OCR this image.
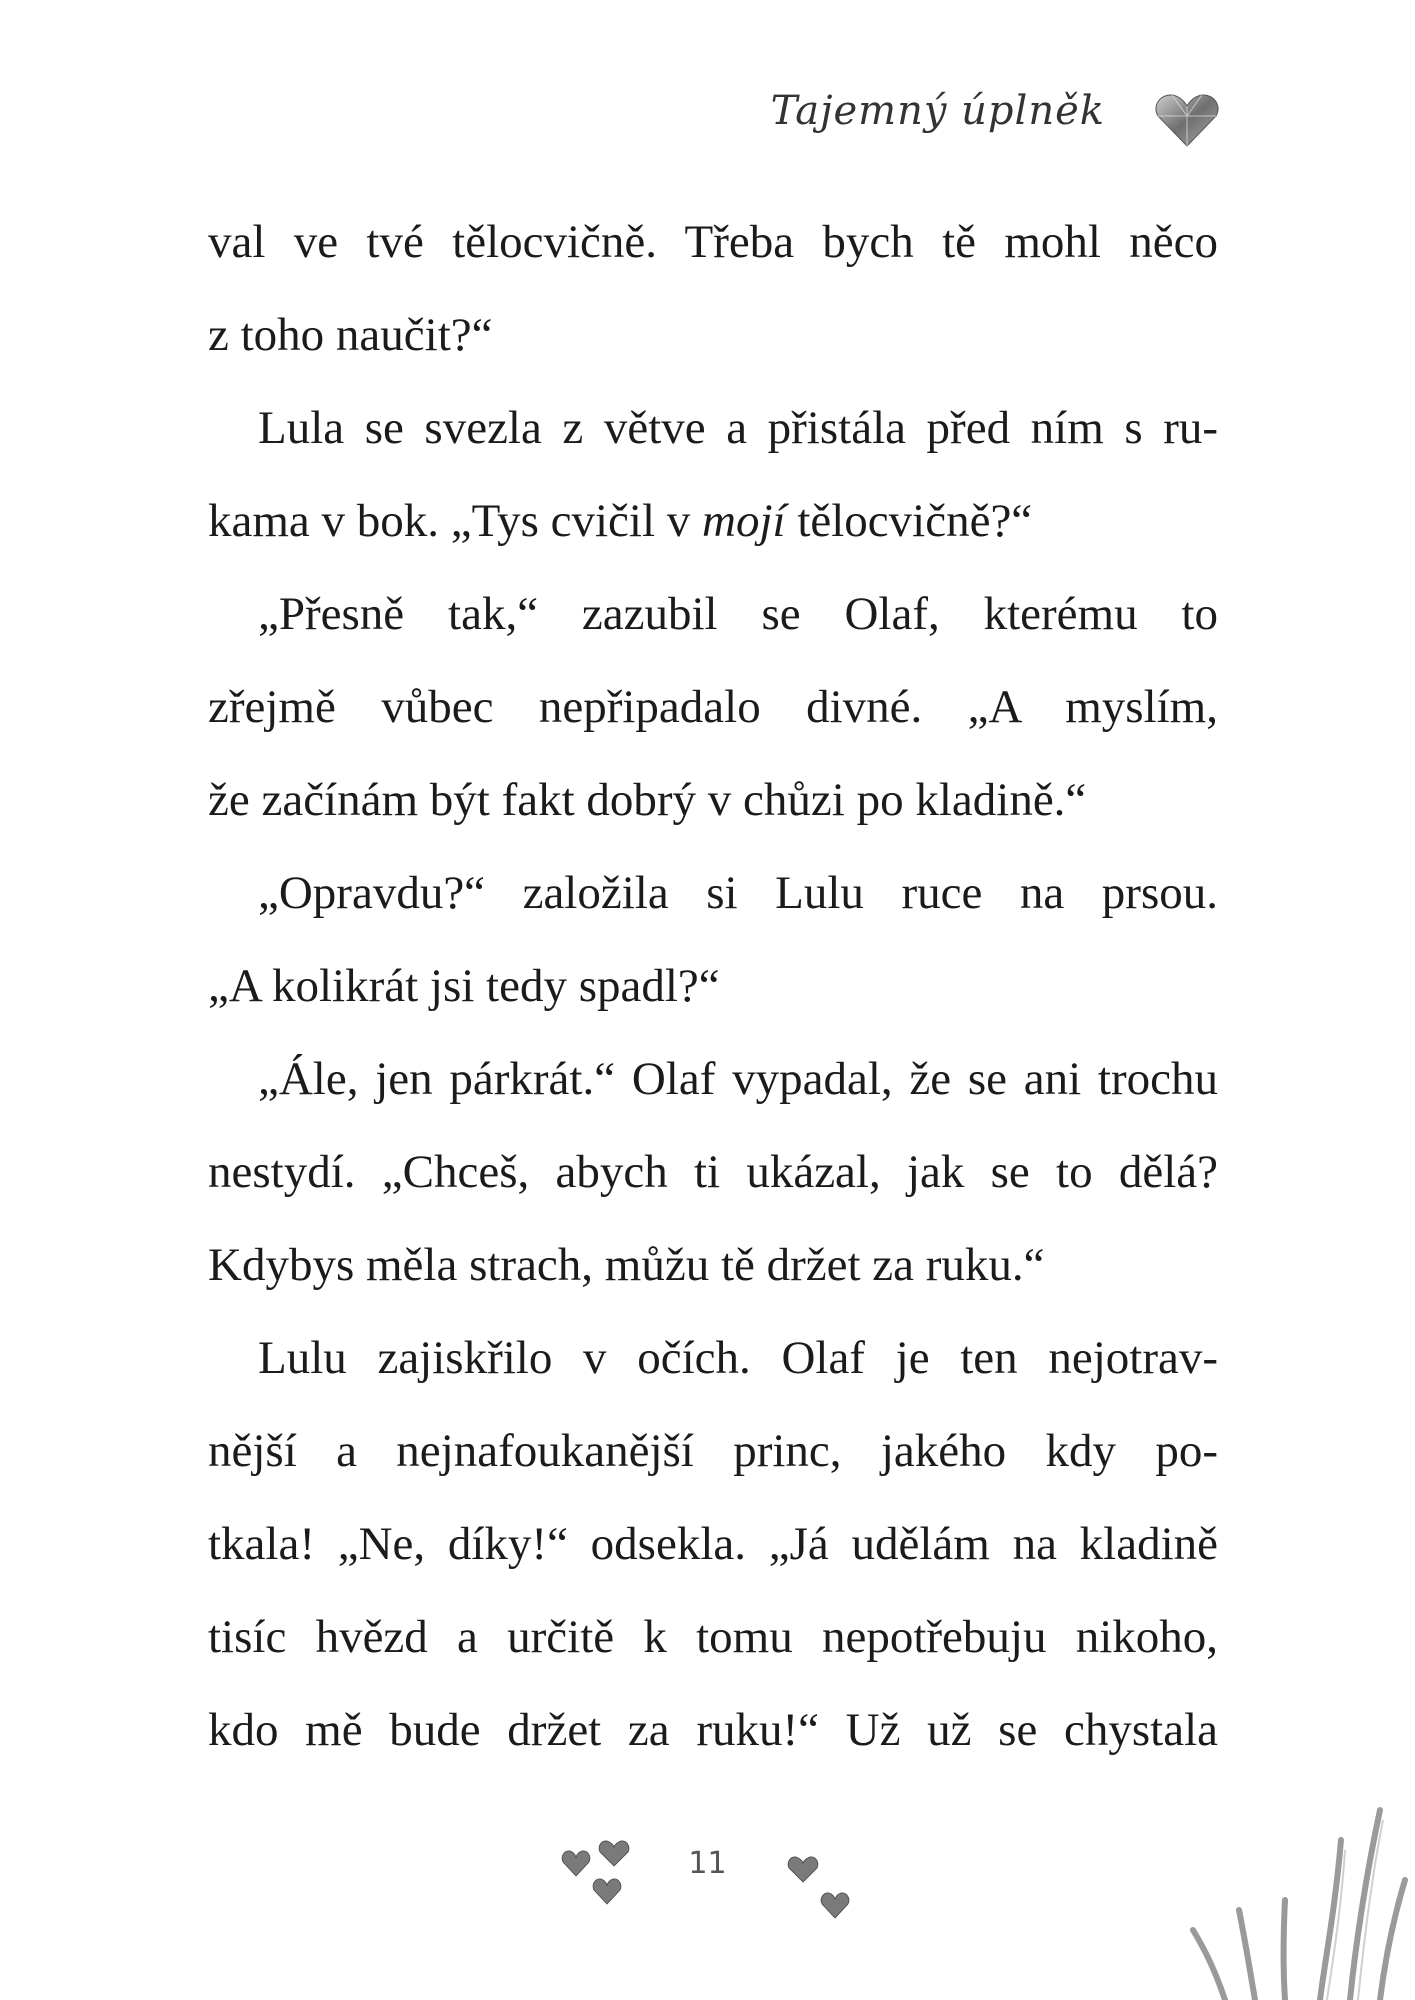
Tajemný úplněk
val ve tvé tělocvičně. Třeba bych tě mohl něco
z toho naučit?“
Lula se svezla z větve a přistála před ním s ru-
kama v bok. „Tys cvičil v mojí tělocvičně?“
„Přesně tak,“ zazubil se Olaf, kterému to
zřejmě vůbec nepřipadalo divné. „A myslím,
že začínám být fakt dobrý v chůzi po kladině.“
„Opravdu?“ založila si Lulu ruce na prsou.
„A kolikrát jsi tedy spadl?“
„Ále, jen párkrát.“ Olaf vypadal, že se ani trochu
nestydí. „Chceš, abych ti ukázal, jak se to dělá?
Kdybys měla strach, můžu tě držet za ruku.“
Lulu zajiskřilo v očích. Olaf je ten nejotrav-
nější a nejnafoukanější princ, jakého kdy po-
tkala! „Ne, díky!“ odsekla. „Já udělám na kladině
tisíc hvězd a určitě k tomu nepotřebuju nikoho,
kdo mě bude držet za ruku!“ Už už se chystala
11
